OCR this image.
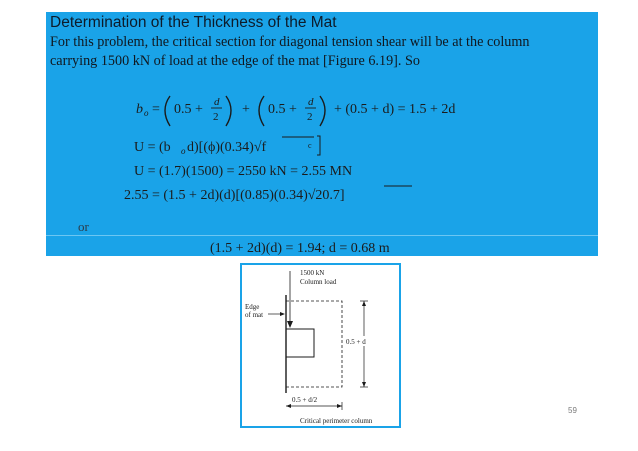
Determination of the Thickness of the Mat
For this problem, the critical section for diagonal tension shear will be at the column
carrying 1500 kN of load at the edge of the mat [Figure 6.19]. So
b o = 0.5 + d
2 + 0.5 + d
2 + (0.5 + d) = 1.5 + 2d
U = (b o d)[(ϕ)(0.34)√f	c
U = (1.7)(1500) = 2550 kN = 2.55 MN
2.55 = (1.5 + 2d)(d)[(0.85)(0.34)√20.7]
(1.5 + 2d)(d) = 1.94; d = 0.68 m
or
1500 kN
Column load
Edge
of mat
0.5 + d
0.5 + d/2
Critical perimeter column
59
